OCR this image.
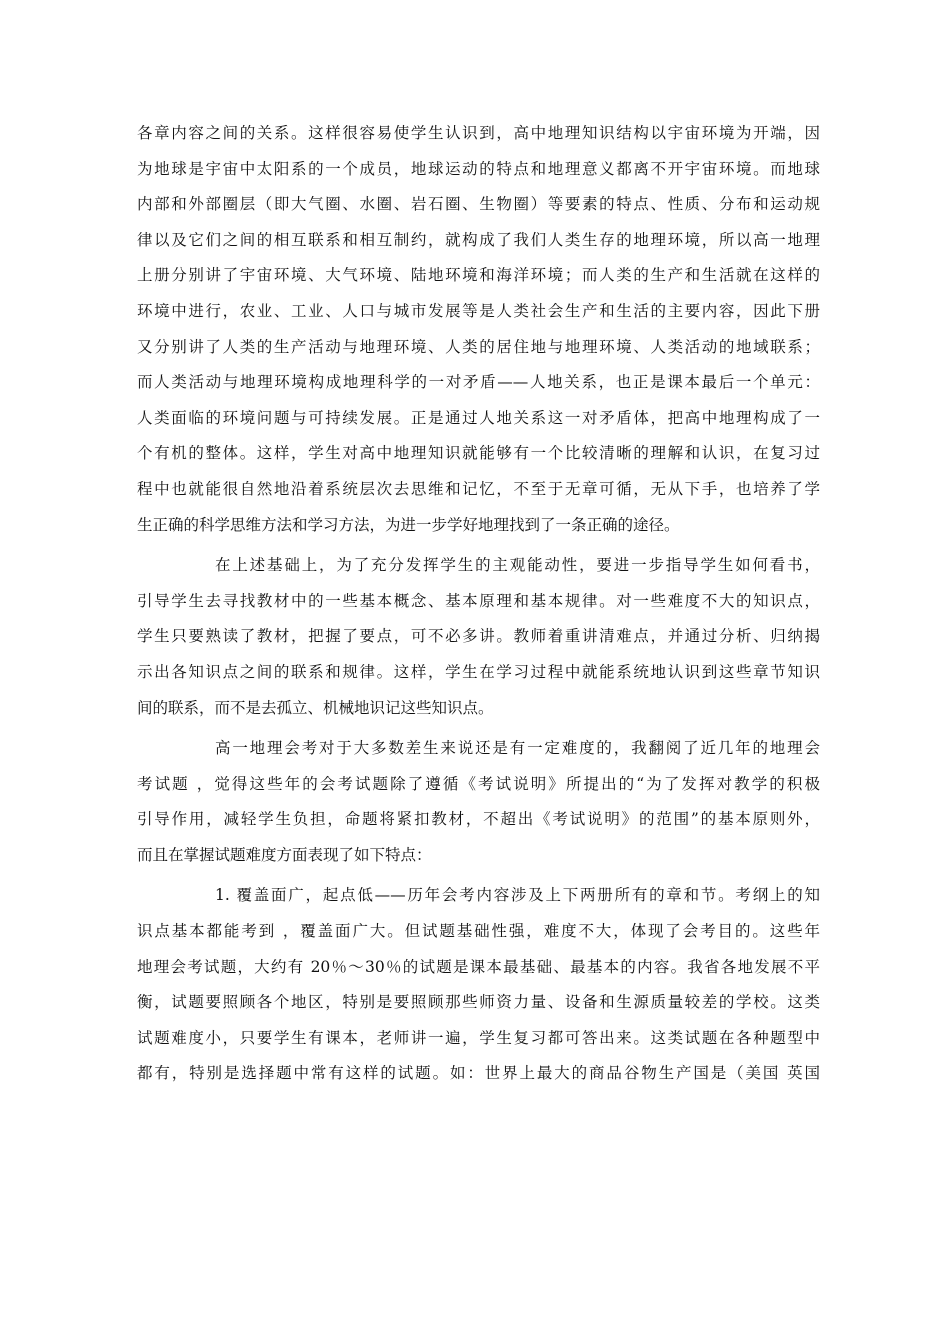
各章内容之间的关系。这样很容易使学生认识到，高中地理知识结构以宇宙环境为开端，因
为地球是宇宙中太阳系的一个成员，地球运动的特点和地理意义都离不开宇宙环境。而地球
内部和外部圈层（即大气圈、水圈、岩石圈、生物圈）等要素的特点、性质、分布和运动规
律以及它们之间的相互联系和相互制约，就构成了我们人类生存的地理环境，所以高一地理
上册分别讲了宇宙环境、大气环境、陆地环境和海洋环境；而人类的生产和生活就在这样的
环境中进行，农业、工业、人口与城市发展等是人类社会生产和生活的主要内容，因此下册
又分别讲了人类的生产活动与地理环境、人类的居住地与地理环境、人类活动的地域联系；
而人类活动与地理环境构成地理科学的一对矛盾——人地关系，也正是课本最后一个单元：
人类面临的环境问题与可持续发展。正是通过人地关系这一对矛盾体，把高中地理构成了一
个有机的整体。这样，学生对高中地理知识就能够有一个比较清晰的理解和认识，在复习过
程中也就能很自然地沿着系统层次去思维和记忆，不至于无章可循，无从下手，也培养了学
生正确的科学思维方法和学习方法，为进一步学好地理找到了一条正确的途径。
在上述基础上，为了充分发挥学生的主观能动性，要进一步指导学生如何看书，
引导学生去寻找教材中的一些基本概念、基本原理和基本规律。对一些难度不大的知识点，
学生只要熟读了教材，把握了要点，可不必多讲。教师着重讲清难点，并通过分析、归纳揭
示出各知识点之间的联系和规律。这样，学生在学习过程中就能系统地认识到这些章节知识
间的联系，而不是去孤立、机械地识记这些知识点。
高一地理会考对于大多数差生来说还是有一定难度的，我翻阅了近几年的地理会
考试题 ，觉得这些年的会考试题除了遵循《考试说明》所提出的“为了发挥对教学的积极
引导作用，减轻学生负担，命题将紧扣教材，不超出《考试说明》的范围”的基本原则外，
而且在掌握试题难度方面表现了如下特点：
1. 覆盖面广，起点低——历年会考内容涉及上下两册所有的章和节。考纲上的知
识点基本都能考到 ，覆盖面广大。但试题基础性强，难度不大，体现了会考目的。这些年
地理会考试题，大约有 20％～30％的试题是课本最基础、最基本的内容。我省各地发展不平
衡，试题要照顾各个地区，特别是要照顾那些师资力量、设备和生源质量较差的学校。这类
试题难度小，只要学生有课本，老师讲一遍，学生复习都可答出来。这类试题在各种题型中
都有，特别是选择题中常有这样的试题。如：世界上最大的商品谷物生产国是（美国 英国
